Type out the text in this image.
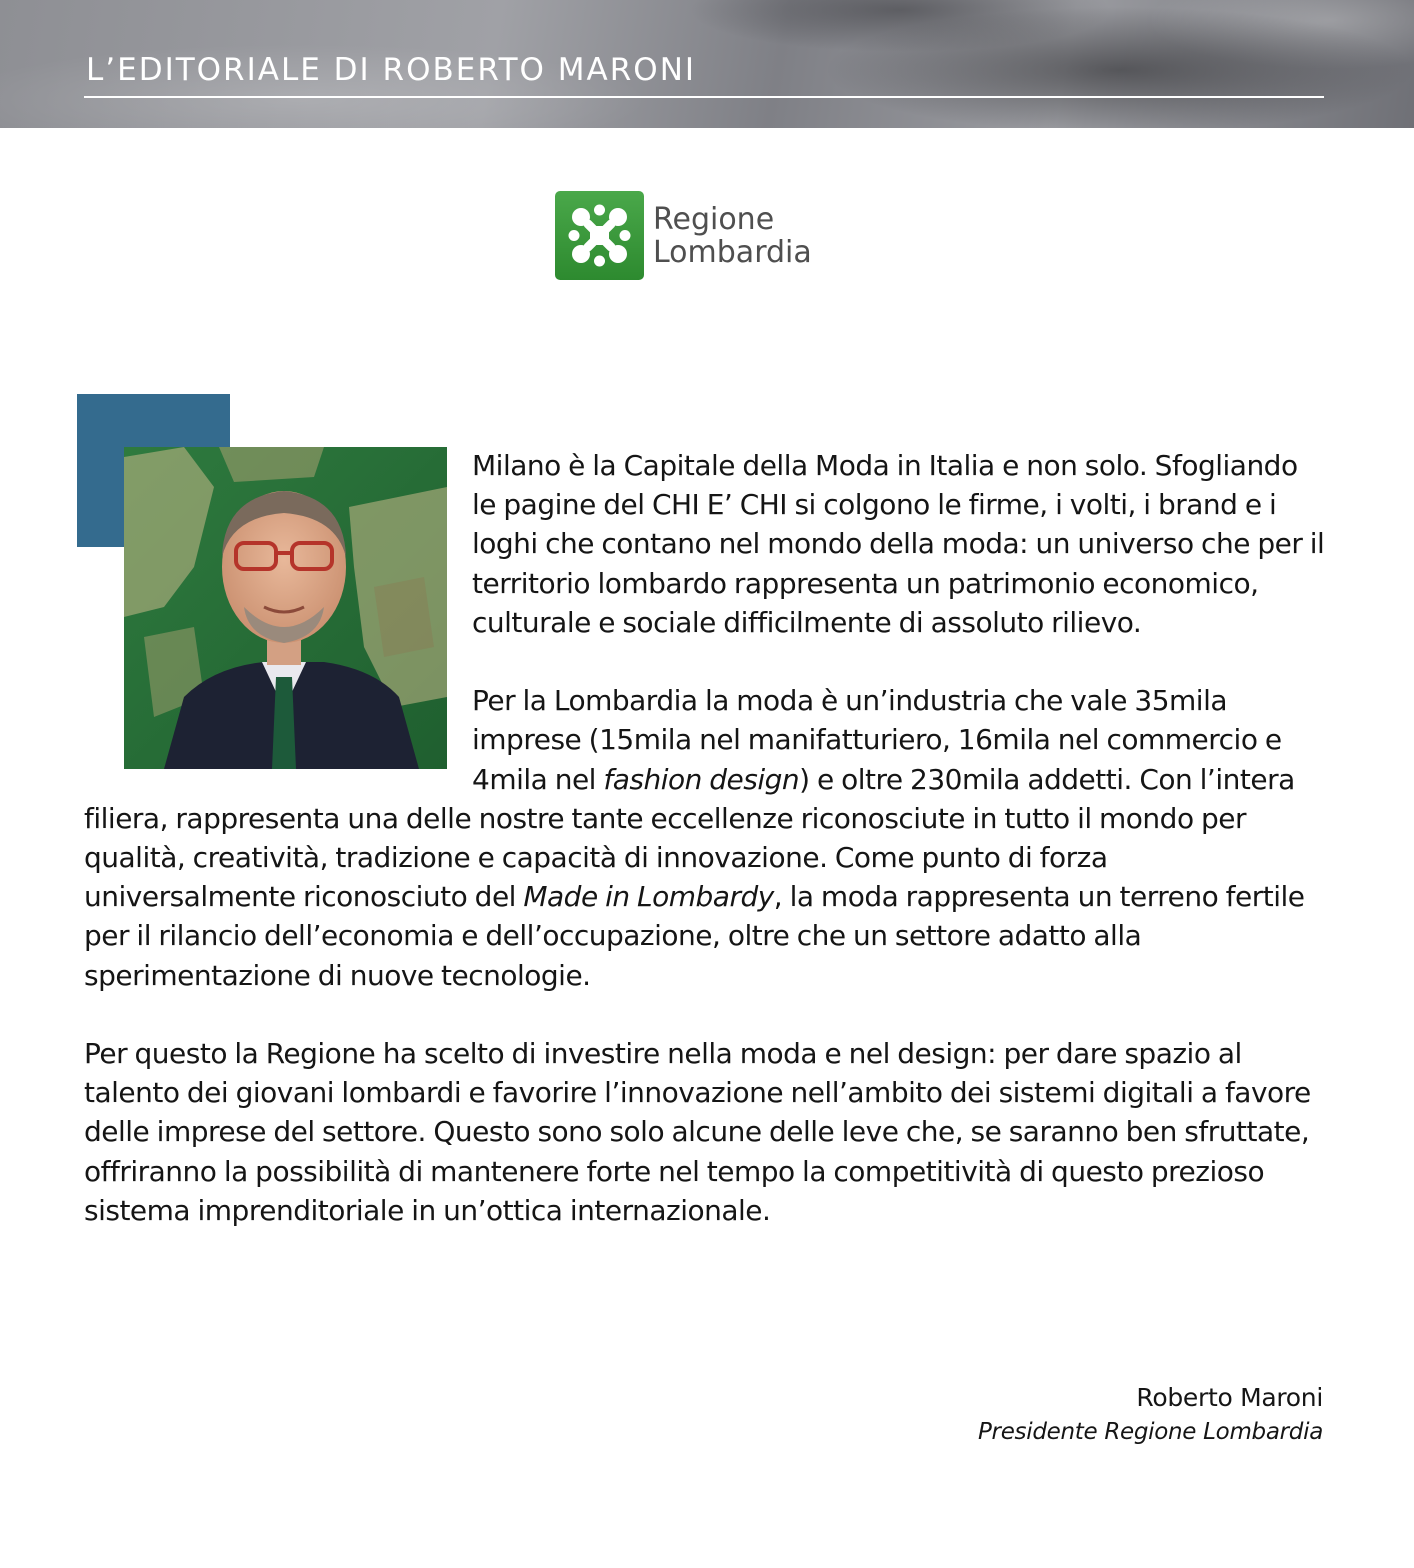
L’EDITORIALE DI ROBERTO MARONI
Regione
Lombardia

Milano è la Capitale della Moda in Italia e non solo. Sfogliando le pagine del CHI E’ CHI si colgono le firme, i volti, i brand e i loghi che contano nel mondo della moda: un universo che per il territorio lombardo rappresenta un patrimonio economico, culturale e sociale difficilmente di assoluto rilievo.

Per la Lombardia la moda è un’industria che vale 35mila imprese (15mila nel manifatturiero, 16mila nel commercio e 4mila nel fashion design) e oltre 230mila addetti. Con l’intera filiera, rappresenta una delle nostre tante eccellenze riconosciute in tutto il mondo per qualità, creatività, tradizione e capacità di innovazione. Come punto di forza universalmente riconosciuto del Made in Lombardy, la moda rappresenta un terreno fertile per il rilancio dell’economia e dell’occupazione, oltre che un settore adatto alla sperimentazione di nuove tecnologie.

Per questo la Regione ha scelto di investire nella moda e nel design: per dare spazio al talento dei giovani lombardi e favorire l’innovazione nell’ambito dei sistemi digitali a favore delle imprese del settore. Questo sono solo alcune delle leve che, se saranno ben sfruttate, offriranno la possibilità di mantenere forte nel tempo la competitività di questo prezioso sistema imprenditoriale in un’ottica internazionale.

Roberto Maroni
Presidente Regione Lombardia
